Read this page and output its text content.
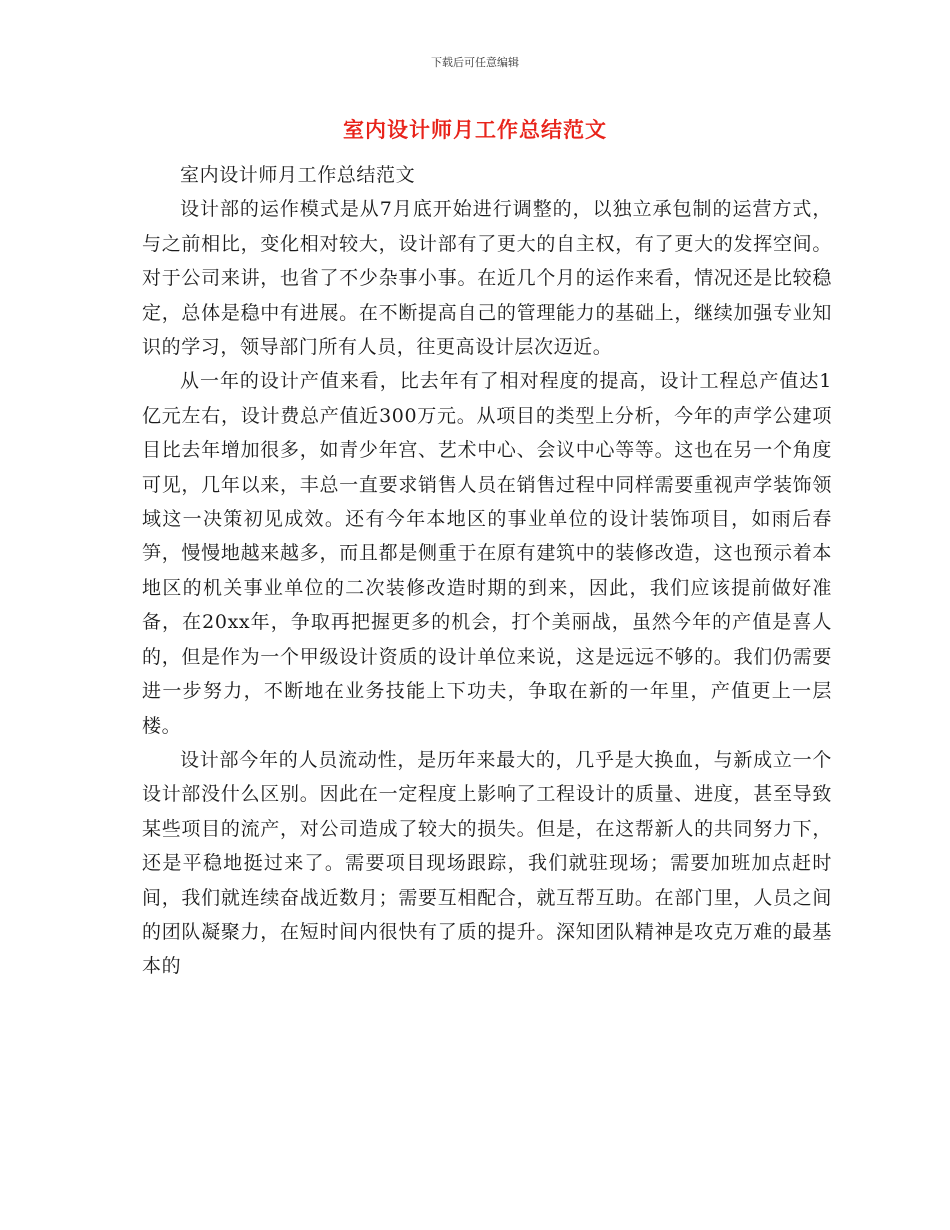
下载后可任意编辑
室内设计师月工作总结范文

室内设计师月工作总结范文

设计部的运作模式是从7月底开始进行调整的，以独立承包制的运营方式，与之前相比，变化相对较大，设计部有了更大的自主权，有了更大的发挥空间。对于公司来讲，也省了不少杂事小事。在近几个月的运作来看，情况还是比较稳定，总体是稳中有进展。在不断提高自己的管理能力的基础上，继续加强专业知识的学习，领导部门所有人员，往更高设计层次迈近。

从一年的设计产值来看，比去年有了相对程度的提高，设计工程总产值达1亿元左右，设计费总产值近300万元。从项目的类型上分析，今年的声学公建项目比去年增加很多，如青少年宫、艺术中心、会议中心等等。这也在另一个角度可见，几年以来，丰总一直要求销售人员在销售过程中同样需要重视声学装饰领域这一决策初见成效。还有今年本地区的事业单位的设计装饰项目，如雨后春笋，慢慢地越来越多，而且都是侧重于在原有建筑中的装修改造，这也预示着本地区的机关事业单位的二次装修改造时期的到来，因此，我们应该提前做好准备，在20xx年，争取再把握更多的机会，打个美丽战，虽然今年的产值是喜人的，但是作为一个甲级设计资质的设计单位来说，这是远远不够的。我们仍需要进一步努力，不断地在业务技能上下功夫，争取在新的一年里，产值更上一层楼。

设计部今年的人员流动性，是历年来最大的，几乎是大换血，与新成立一个设计部没什么区别。因此在一定程度上影响了工程设计的质量、进度，甚至导致某些项目的流产，对公司造成了较大的损失。但是，在这帮新人的共同努力下，还是平稳地挺过来了。需要项目现场跟踪，我们就驻现场；需要加班加点赶时间，我们就连续奋战近数月；需要互相配合，就互帮互助。在部门里，人员之间的团队凝聚力，在短时间内很快有了质的提升。深知团队精神是攻克万难的最基本的
